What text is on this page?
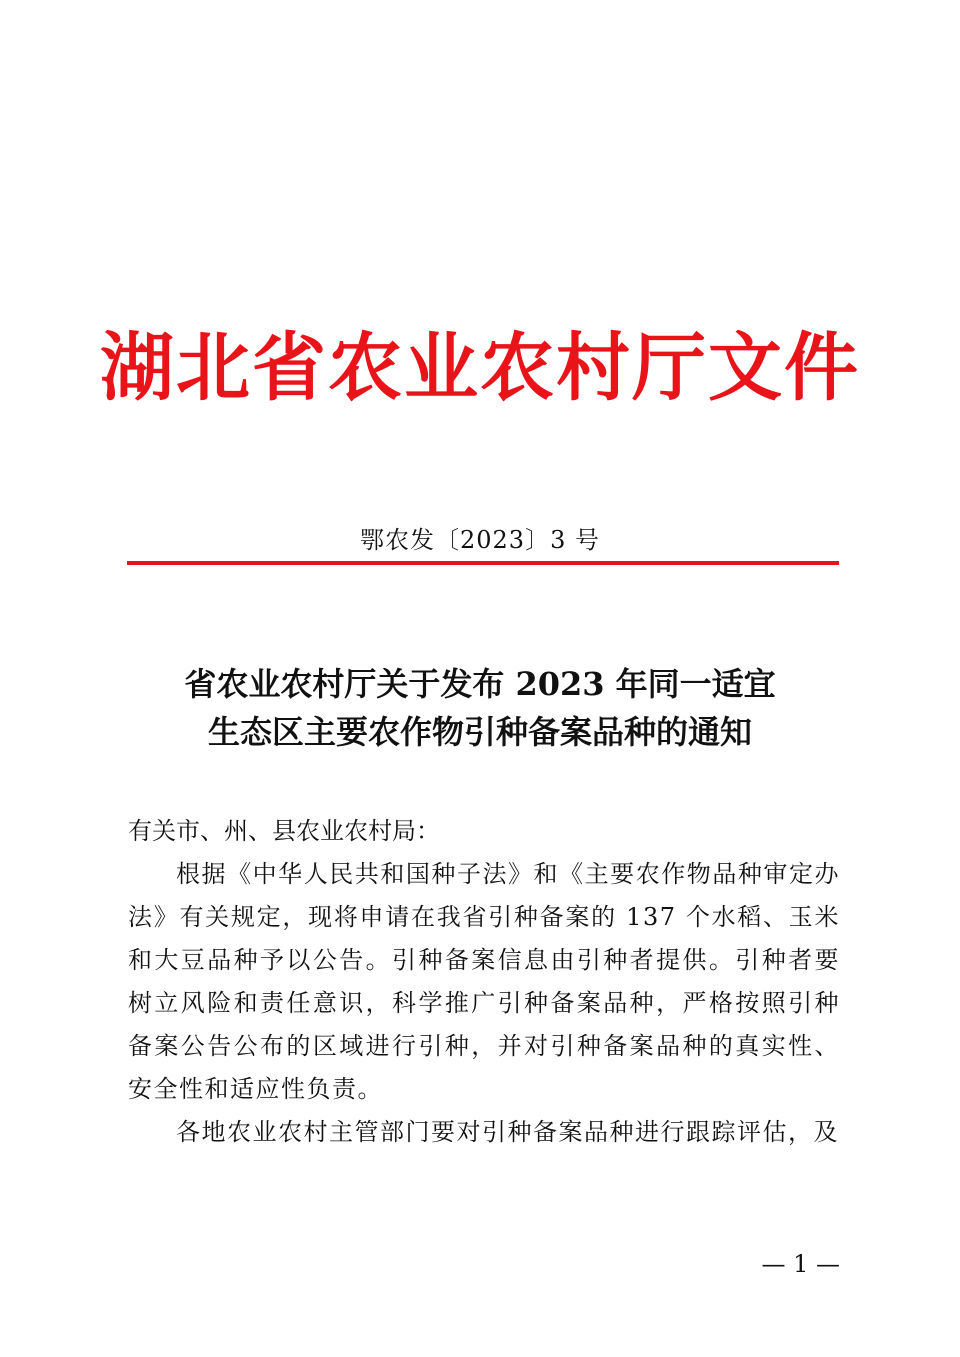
湖北省农业农村厅文件
鄂农发〔2023〕3 号
省农业农村厅关于发布 2023 年同一适宜
生态区主要农作物引种备案品种的通知

有关市、州、县农业农村局：

根据《中华人民共和国种子法》和《主要农作物品种审定办法》有关规定，现将申请在我省引种备案的 137 个水稻、玉米和大豆品种予以公告。引种备案信息由引种者提供。引种者要树立风险和责任意识，科学推广引种备案品种，严格按照引种备案公告公布的区域进行引种，并对引种备案品种的真实性、安全性和适应性负责。

各地农业农村主管部门要对引种备案品种进行跟踪评估，及

— 1 —
